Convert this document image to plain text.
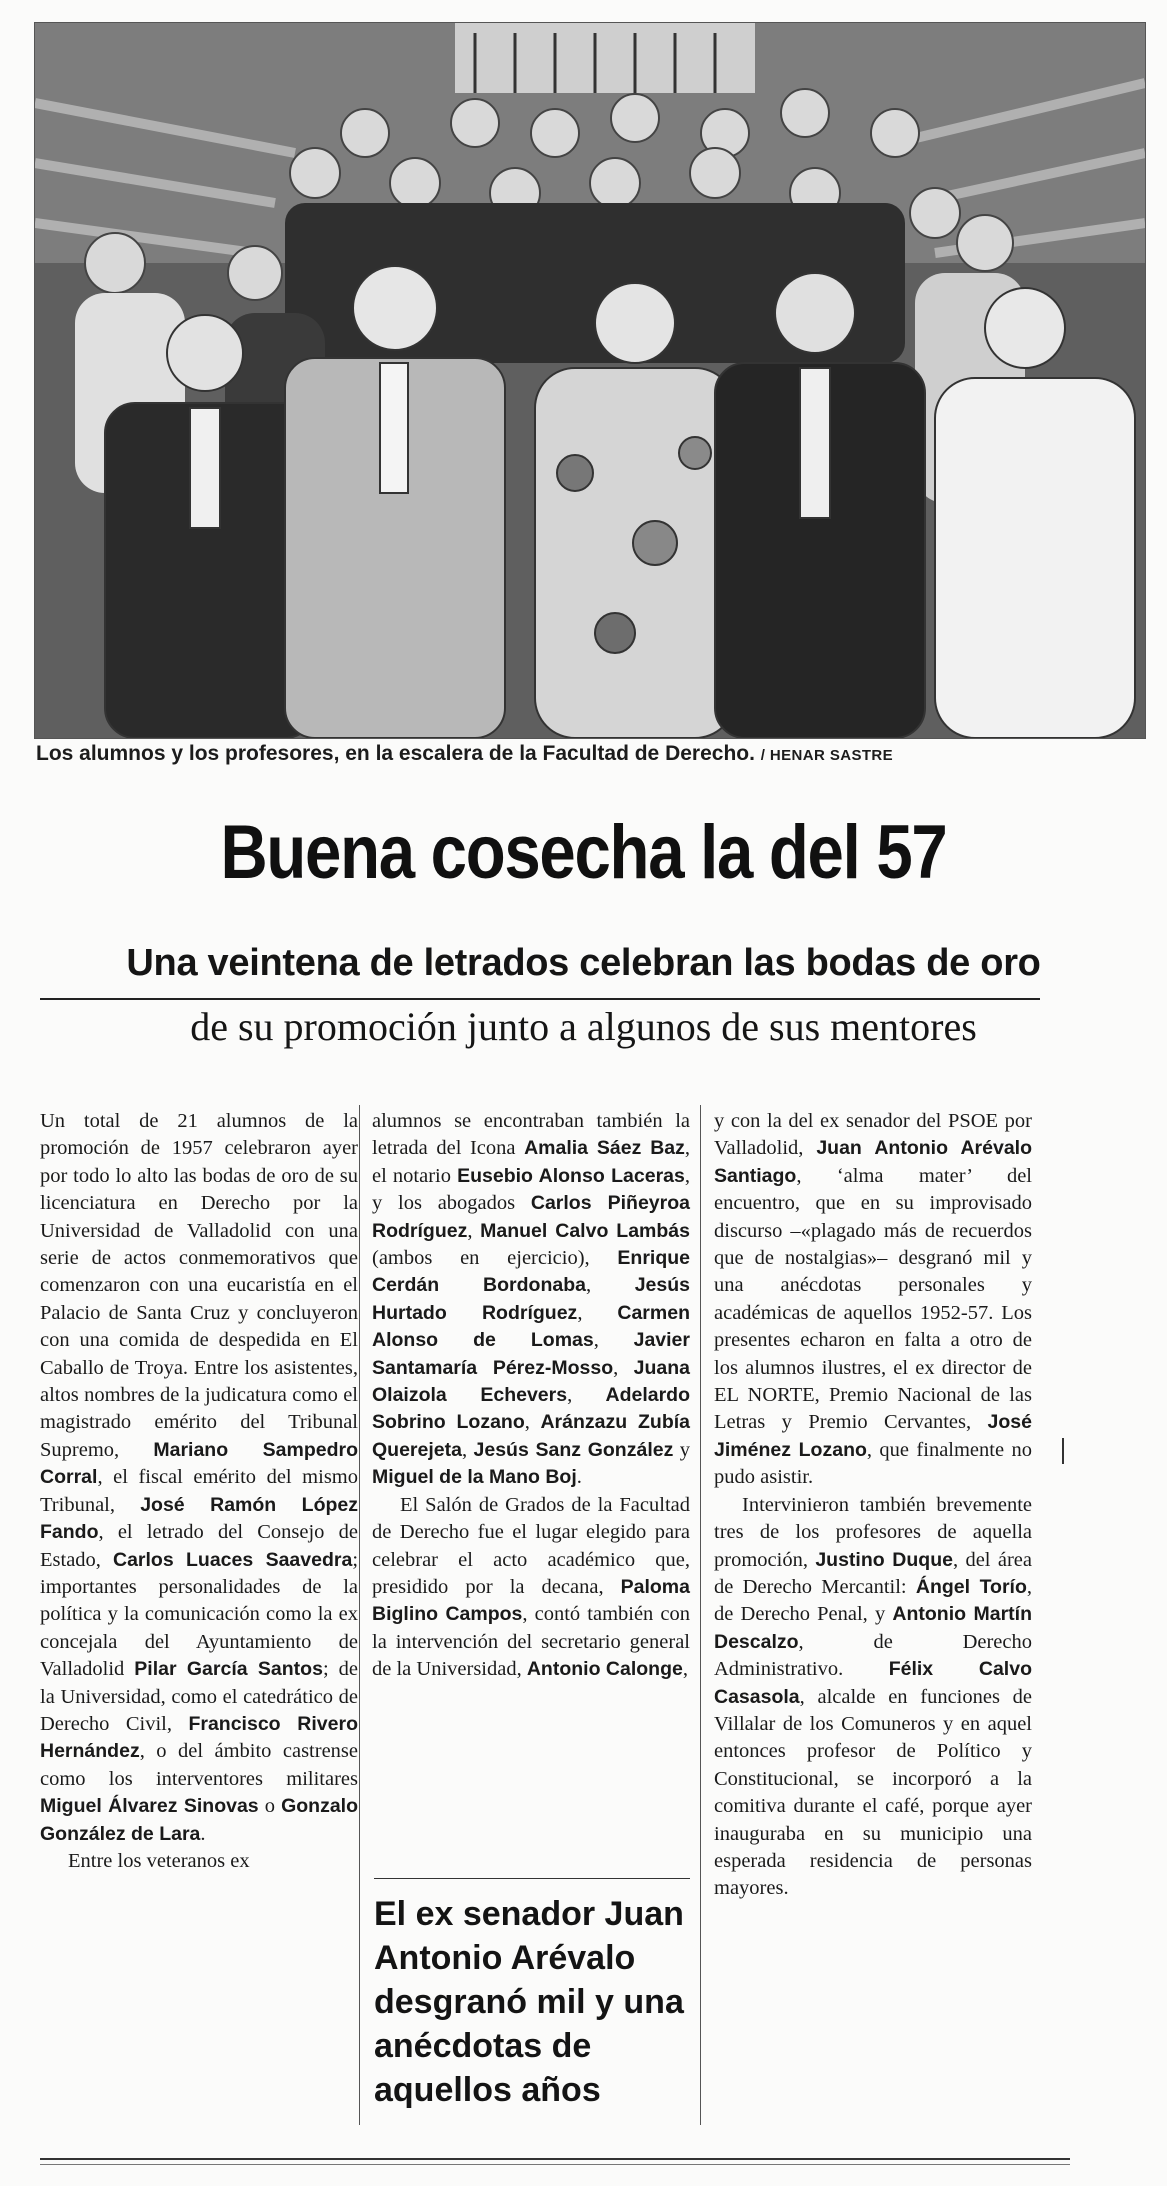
Los alumnos y los profesores, en la escalera de la Facultad de Derecho. / HENAR SASTRE
Buena cosecha la del 57
Una veintena de letrados celebran las bodas de oro
de su promoción junto a algunos de sus mentores

Un total de 21 alumnos de la promoción de 1957 celebraron ayer por todo lo alto las bodas de oro de su licenciatura en Derecho por la Universidad de Valladolid con una serie de actos conmemorativos que comenzaron con una eucaristía en el Palacio de Santa Cruz y concluyeron con una comida de despedida en El Caballo de Troya. Entre los asistentes, altos nombres de la judicatura como el magistrado emérito del Tribunal Supremo, Mariano Sampedro Corral, el fiscal emérito del mismo Tribunal, José Ramón López Fando, el letrado del Consejo de Estado, Carlos Luaces Saavedra; importantes personalidades de la política y la comunicación como la ex concejala del Ayuntamiento de Valladolid Pilar García Santos; de la Universidad, como el catedrático de Derecho Civil, Francisco Rivero Hernández, o del ámbito castrense como los interventores militares Miguel Álvarez Sinovas o Gonzalo González de Lara.

Entre los veteranos ex

alumnos se encontraban también la letrada del Icona Amalia Sáez Baz, el notario Eusebio Alonso Laceras, y los abogados Carlos Piñeyroa Rodríguez, Manuel Calvo Lambás (ambos en ejercicio), Enrique Cerdán Bordonaba, Jesús Hurtado Rodríguez, Carmen Alonso de Lomas, Javier Santamaría Pérez-Mosso, Juana Olaizola Echevers, Adelardo Sobrino Lozano, Aránzazu Zubía Querejeta, Jesús Sanz González y Miguel de la Mano Boj.

El Salón de Grados de la Facultad de Derecho fue el lugar elegido para celebrar el acto académico que, presidido por la decana, Paloma Biglino Campos, contó también con la intervención del secretario general de la Universidad, Antonio Calonge,

El ex senador Juan Antonio Arévalo desgranó mil y una anécdotas de aquellos años

y con la del ex senador del PSOE por Valladolid, Juan Antonio Arévalo Santiago, ‘alma mater’ del encuentro, que en su improvisado discurso –«plagado más de recuerdos que de nostalgias»– desgranó mil y una anécdotas personales y académicas de aquellos 1952-57. Los presentes echaron en falta a otro de los alumnos ilustres, el ex director de EL NORTE, Premio Nacional de las Letras y Premio Cervantes, José Jiménez Lozano, que finalmente no pudo asistir.

Intervinieron también brevemente tres de los profesores de aquella promoción, Justino Duque, del área de Derecho Mercantil: Ángel Torío, de Derecho Penal, y Antonio Martín Descalzo, de Derecho Administrativo. Félix Calvo Casasola, alcalde en funciones de Villalar de los Comuneros y en aquel entonces profesor de Político y Constitucional, se incorporó a la comitiva durante el café, porque ayer inauguraba en su municipio una esperada residencia de personas mayores.
